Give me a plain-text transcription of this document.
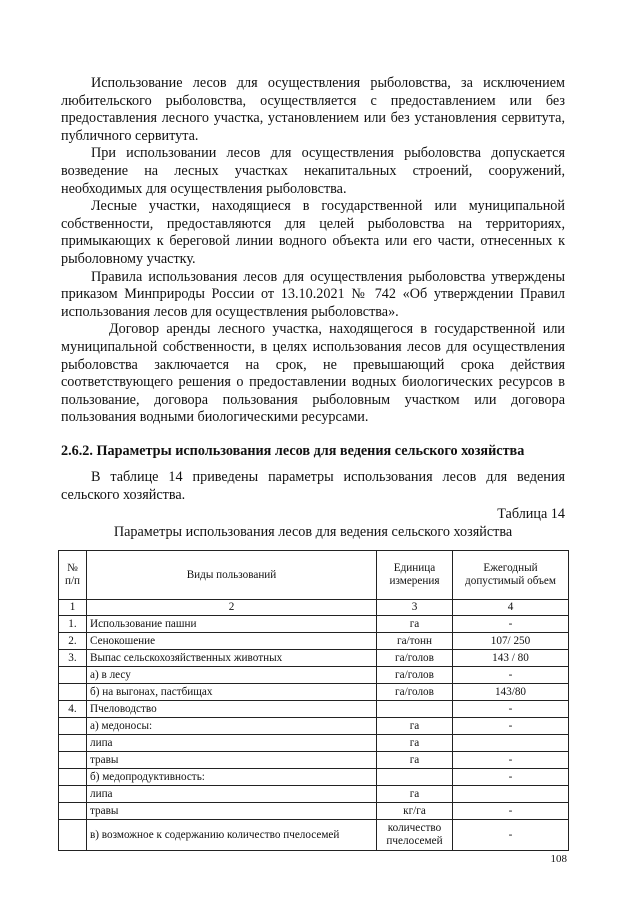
Использование лесов для осуществления рыболовства, за исключением любительского рыболовства, осуществляется с предоставлением или без предоставления лесного участка, установлением или без установления сервитута, публичного сервитута.

При использовании лесов для осуществления рыболовства допускается возведение на лесных участках некапитальных строений, сооружений, необходимых для осуществления рыболовства.

Лесные участки, находящиеся в государственной или муниципальной собственности, предоставляются для целей рыболовства на территориях, примыкающих к береговой линии водного объекта или его части, отнесенных к рыболовному участку.

Правила использования лесов для осуществления рыболовства утверждены приказом Минприроды России от 13.10.2021 № 742 «Об утверждении Правил использования лесов для осуществления рыболовства».

Договор аренды лесного участка, находящегося в государственной или муниципальной собственности, в целях использования лесов для осуществления рыболовства заключается на срок, не превышающий срока действия соответствующего решения о предоставлении водных биологических ресурсов в пользование, договора пользования рыболовным участком или договора пользования водными биологическими ресурсами.

2.6.2. Параметры использования лесов для ведения сельского хозяйства

В таблице 14 приведены параметры использования лесов для ведения сельского хозяйства.

Таблица 14
Параметры использования лесов для ведения сельского хозяйства
№ п/п	Виды пользований	Единица измерения	Ежегодный допустимый объем
1	2	3	4
1.	Использование пашни	га	-
2.	Сенокошение	га/тонн	107/ 250
3.	Выпас сельскохозяйственных животных	га/голов	143 / 80
	а) в лесу	га/голов	-
	б) на выгонах, пастбищах	га/голов	143/80
4.	Пчеловодство		-
	а) медоносы:	га	-
	липа	га	
	травы	га	-
	б) медопродуктивность:		-
	липа	га	
	травы	кг/га	-
	в) возможное к содержанию количество пчелосемей	количество пчелосемей	-
108
